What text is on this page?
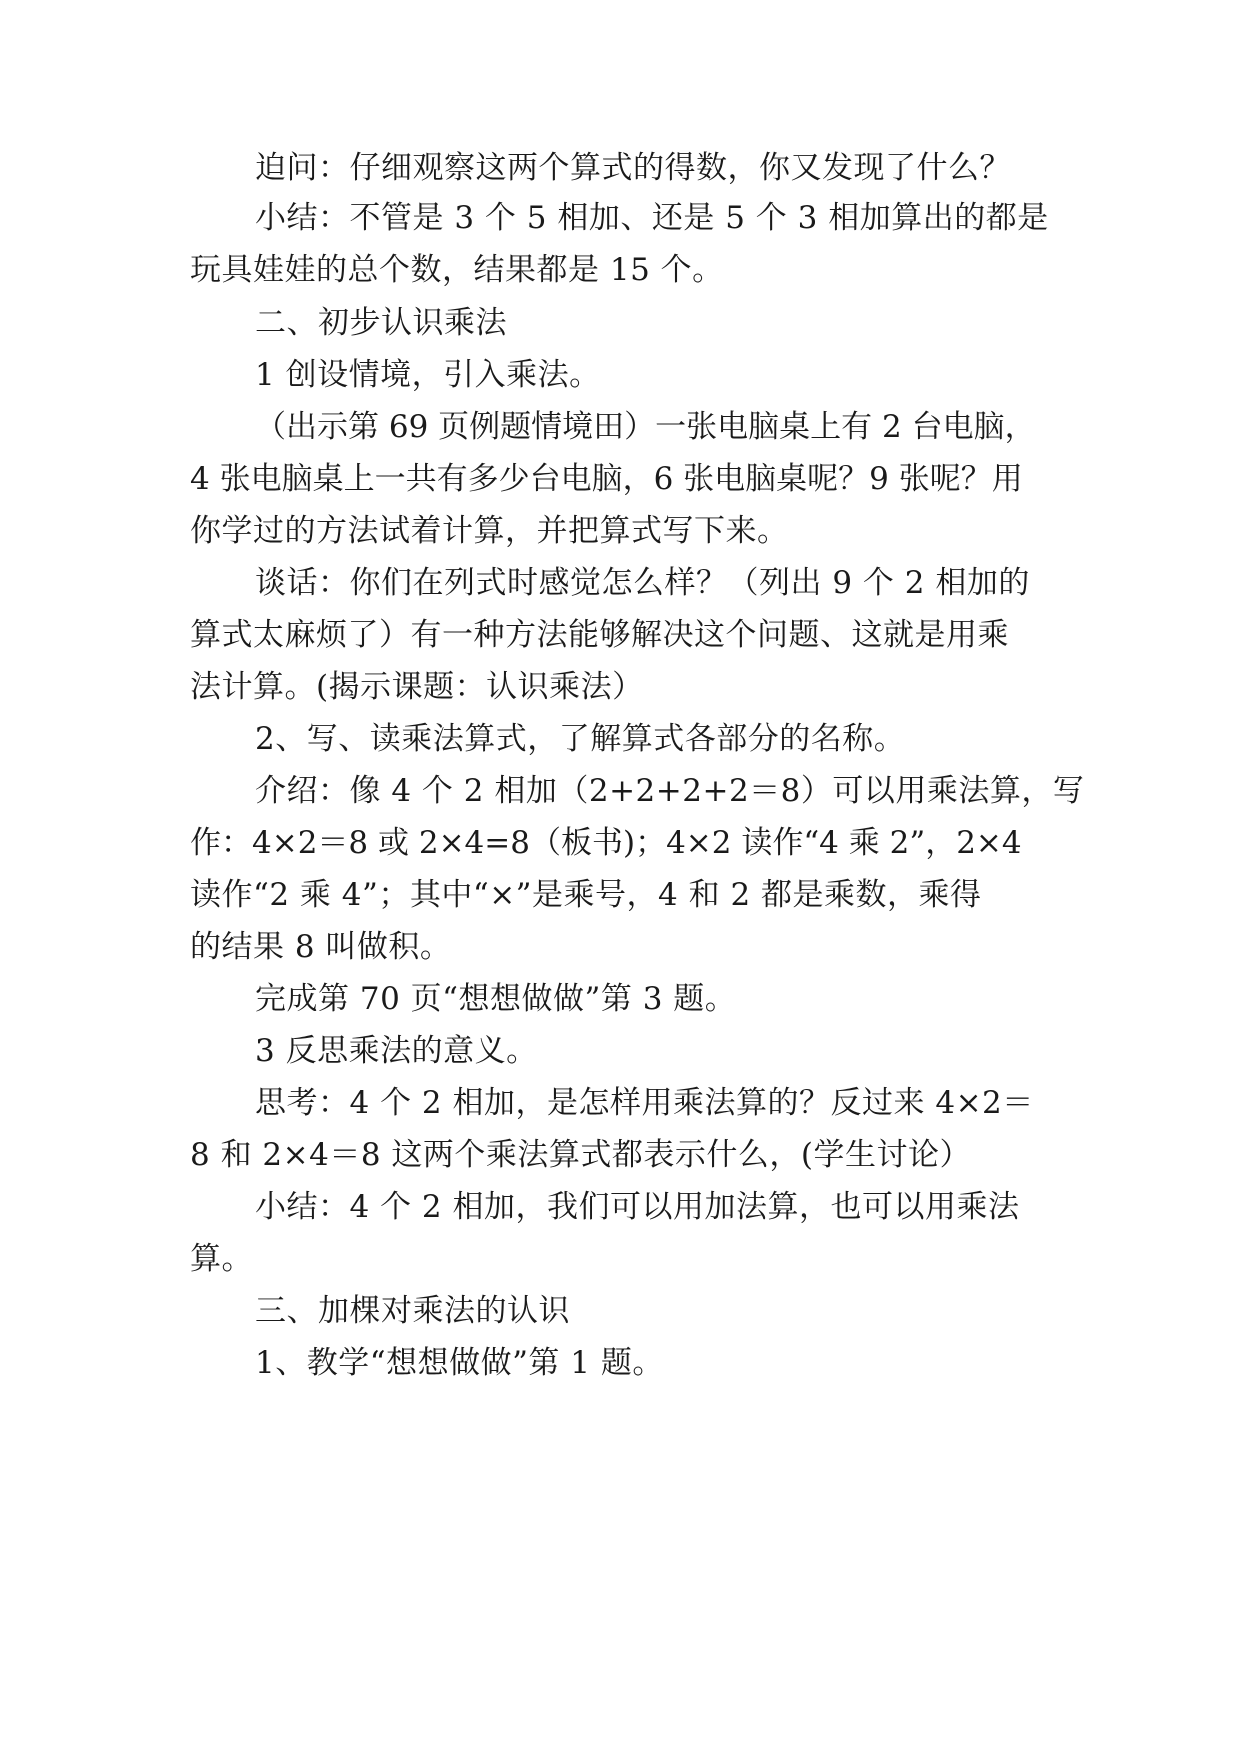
迫问：仔细观察这两个算式的得数，你又发现了什么？
小结：不管是 3 个 5 相加、还是 5 个 3 相加算出的都是
玩具娃娃的总个数，结果都是 15 个。
二、初步认识乘法
1 创设情境，引入乘法。
（出示第 69 页例题情境田）一张电脑桌上有 2 台电脑，
4 张电脑桌上一共有多少台电脑，6 张电脑桌呢？9 张呢？用
你学过的方法试着计算，并把算式写下来。
谈话：你们在列式时感觉怎么样？（列出 9 个 2 相加的
算式太麻烦了）有一种方法能够解决这个问题、这就是用乘
法计算。(揭示课题：认识乘法）
2、写、读乘法算式，了解算式各部分的名称。
介绍：像 4 个 2 相加（2+2+2+2＝8）可以用乘法算，写
作：4×2＝8 或 2×4=8（板书)；4×2 读作“4 乘 2”，2×4
读作“2 乘 4”；其中“×”是乘号，4 和 2 都是乘数，乘得
的结果 8 叫做积。
完成第 70 页“想想做做”第 3 题。
3 反思乘法的意义。
思考：4 个 2 相加，是怎样用乘法算的？反过来 4×2＝
8 和 2×4＝8 这两个乘法算式都表示什么，(学生讨论）
小结：4 个 2 相加，我们可以用加法算，也可以用乘法
算。
三、加棵对乘法的认识
1、教学“想想做做”第 1 题。
